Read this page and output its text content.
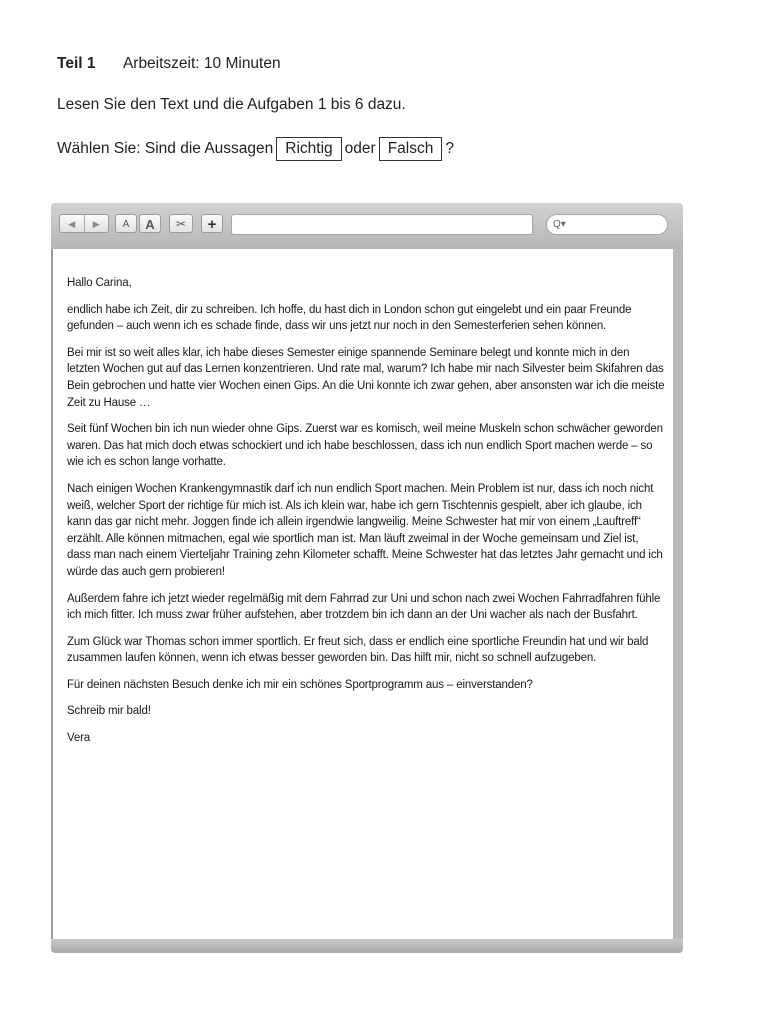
Teil 1 Arbeitszeit: 10 Minuten
Lesen Sie den Text und die Aufgaben 1 bis 6 dazu.
Wählen Sie: Sind die Aussagen Richtig oder Falsch ?
◀	▶	A	A	✂	+	Q▾

Hallo Carina,

endlich habe ich Zeit, dir zu schreiben. Ich hoffe, du hast dich in London schon gut eingelebt und ein paar Freunde gefunden – auch wenn ich es schade finde, dass wir uns jetzt nur noch in den Semesterferien sehen können.

Bei mir ist so weit alles klar, ich habe dieses Semester einige spannende Seminare belegt und konnte mich in den letzten Wochen gut auf das Lernen konzentrieren. Und rate mal, warum? Ich habe mir nach Silvester beim Skifahren das Bein gebrochen und hatte vier Wochen einen Gips. An die Uni konnte ich zwar gehen, aber ansonsten war ich die meiste Zeit zu Hause …

Seit fünf Wochen bin ich nun wieder ohne Gips. Zuerst war es komisch, weil meine Muskeln schon schwächer geworden waren. Das hat mich doch etwas schockiert und ich habe beschlossen, dass ich nun endlich Sport machen werde – so wie ich es schon lange vorhatte.

Nach einigen Wochen Krankengymnastik darf ich nun endlich Sport machen. Mein Problem ist nur, dass ich noch nicht weiß, welcher Sport der richtige für mich ist. Als ich klein war, habe ich gern Tischtennis gespielt, aber ich glaube, ich kann das gar nicht mehr. Joggen finde ich allein irgendwie langweilig. Meine Schwester hat mir von einem „Lauftreff“ erzählt. Alle können mitmachen, egal wie sportlich man ist. Man läuft zweimal in der Woche gemeinsam und Ziel ist, dass man nach einem Vierteljahr Training zehn Kilometer schafft. Meine Schwester hat das letztes Jahr gemacht und ich würde das auch gern probieren!

Außerdem fahre ich jetzt wieder regelmäßig mit dem Fahrrad zur Uni und schon nach zwei Wochen Fahrradfahren fühle ich mich fitter. Ich muss zwar früher aufstehen, aber trotzdem bin ich dann an der Uni wacher als nach der Busfahrt.

Zum Glück war Thomas schon immer sportlich. Er freut sich, dass er endlich eine sportliche Freundin hat und wir bald zusammen laufen können, wenn ich etwas besser geworden bin. Das hilft mir, nicht so schnell aufzugeben.

Für deinen nächsten Besuch denke ich mir ein schönes Sportprogramm aus – einverstanden?

Schreib mir bald!

Vera
